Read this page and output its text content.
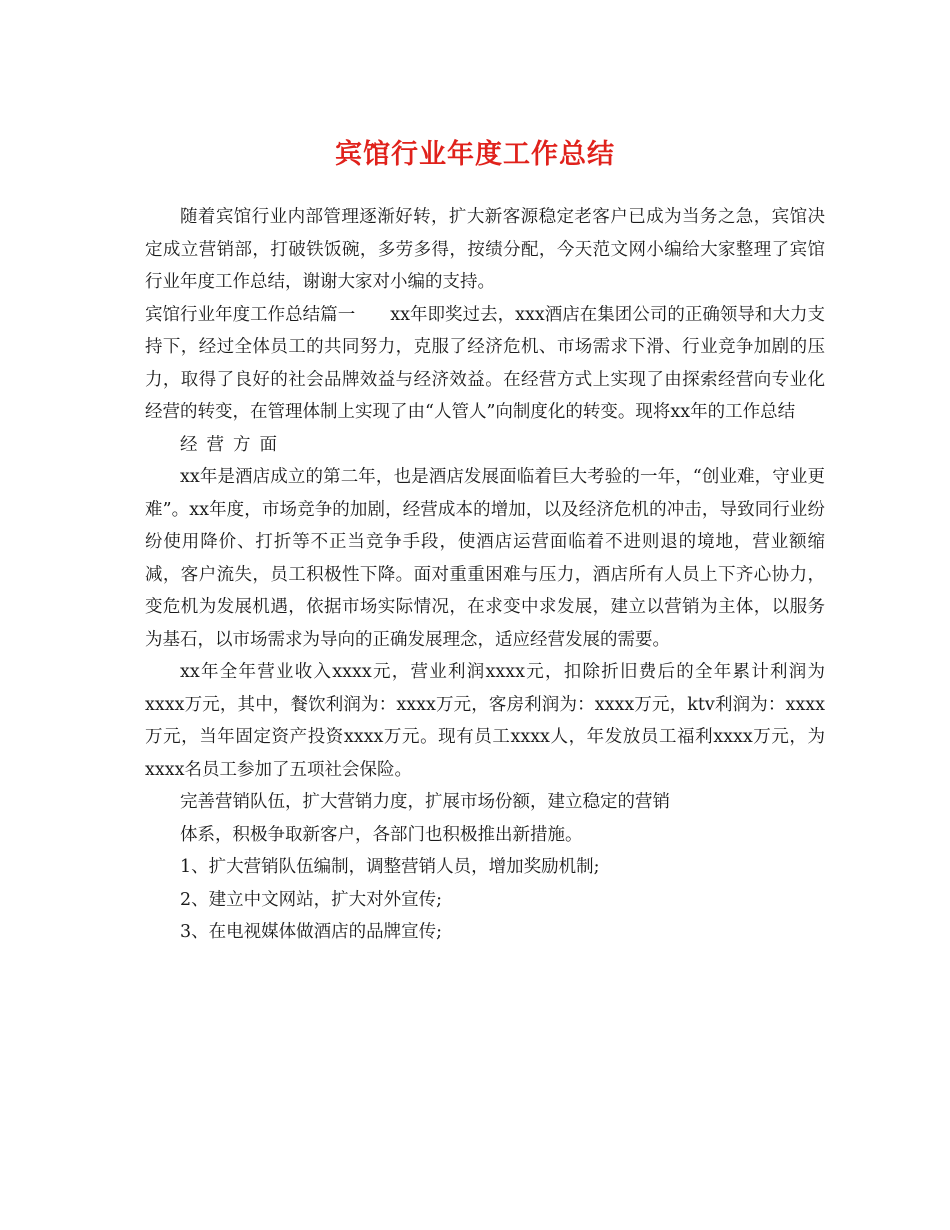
宾馆行业年度工作总结

随着宾馆行业内部管理逐渐好转，扩大新客源稳定老客户已成为当务之急，宾馆决定成立营销部，打破铁饭碗，多劳多得，按绩分配，今天范文网小编给大家整理了宾馆行业年度工作总结，谢谢大家对小编的支持。

宾馆行业年度工作总结篇一　　xx年即奖过去，xxx酒店在集团公司的正确领导和大力支持下，经过全体员工的共同努力，克服了经济危机、市场需求下滑、行业竞争加剧的压力，取得了良好的社会品牌效益与经济效益。在经营方式上实现了由探索经营向专业化经营的转变，在管理体制上实现了由“人管人”向制度化的转变。现将xx年的工作总结

经营方面

xx年是酒店成立的第二年，也是酒店发展面临着巨大考验的一年，“创业难，守业更难”。xx年度，市场竞争的加剧，经营成本的增加，以及经济危机的冲击，导致同行业纷纷使用降价、打折等不正当竞争手段，使酒店运营面临着不进则退的境地，营业额缩减，客户流失，员工积极性下降。面对重重困难与压力，酒店所有人员上下齐心协力，变危机为发展机遇，依据市场实际情况，在求变中求发展，建立以营销为主体，以服务为基石，以市场需求为导向的正确发展理念，适应经营发展的需要。

xx年全年营业收入xxxx元，营业利润xxxx元，扣除折旧费后的全年累计利润为xxxx万元，其中，餐饮利润为：xxxx万元，客房利润为：xxxx万元，ktv利润为：xxxx万元，当年固定资产投资xxxx万元。现有员工xxxx人，年发放员工福利xxxx万元，为xxxx名员工参加了五项社会保险。

完善营销队伍，扩大营销力度，扩展市场份额，建立稳定的营销

体系，积极争取新客户，各部门也积极推出新措施。

1、扩大营销队伍编制，调整营销人员，增加奖励机制;

2、建立中文网站，扩大对外宣传;

3、在电视媒体做酒店的品牌宣传;
